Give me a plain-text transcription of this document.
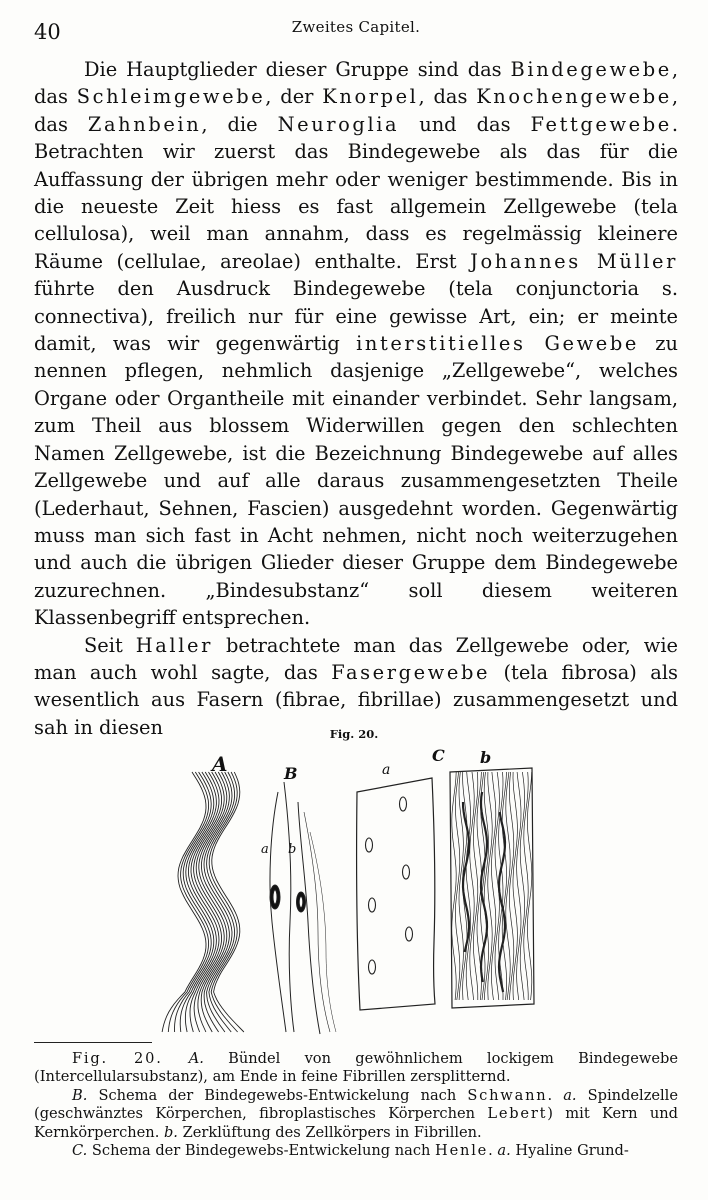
40	Zweites Capitel.

Die Hauptglieder dieser Gruppe sind das Bindegewebe, das Schleimgewebe, der Knorpel, das Knochengewebe, das Zahnbein, die Neuroglia und das Fettgewebe. Betrachten wir zuerst das Bindegewebe als das für die Auffassung der übrigen mehr oder weniger bestimmende. Bis in die neueste Zeit hiess es fast allgemein Zellgewebe (tela cellulosa), weil man annahm, dass es regelmässig kleinere Räume (cellulae, areolae) enthalte. Erst Johannes Müller führte den Ausdruck Bindegewebe (tela conjunctoria s. connectiva), freilich nur für eine gewisse Art, ein; er meinte damit, was wir gegenwärtig interstitielles Gewebe zu nennen pflegen, nehmlich dasjenige „Zellgewebe“, welches Organe oder Organtheile mit einander verbindet. Sehr langsam, zum Theil aus blossem Widerwillen gegen den schlechten Namen Zellgewebe, ist die Bezeichnung Bindegewebe auf alles Zellgewebe und auf alle daraus zusammengesetzten Theile (Lederhaut, Sehnen, Fascien) ausgedehnt worden. Gegenwärtig muss man sich fast in Acht nehmen, nicht noch weiterzugehen und auch die übrigen Glieder dieser Gruppe dem Bindegewebe zuzurechnen. „Bindesubstanz“ soll diesem weiteren Klassenbegriff entsprechen.

Seit Haller betrachtete man das Zellgewebe oder, wie man auch wohl sagte, das Fasergewebe (tela fibrosa) als wesentlich aus Fasern (fibrae, fibrillae) zusammengesetzt und sah in diesen	Fig. 20.
A	B
a b
a
C b

Fig. 20. A. Bündel von gewöhnlichem lockigem Bindegewebe (Intercellularsubstanz), am Ende in feine Fibrillen zersplitternd.

B. Schema der Bindegewebs-Entwickelung nach Schwann. a. Spindelzelle (geschwänztes Körperchen, fibroplastisches Körperchen Lebert) mit Kern und Kernkörperchen. b. Zerklüftung des Zellkörpers in Fibrillen.

C. Schema der Bindegewebs-Entwickelung nach Henle. a. Hyaline Grund-
